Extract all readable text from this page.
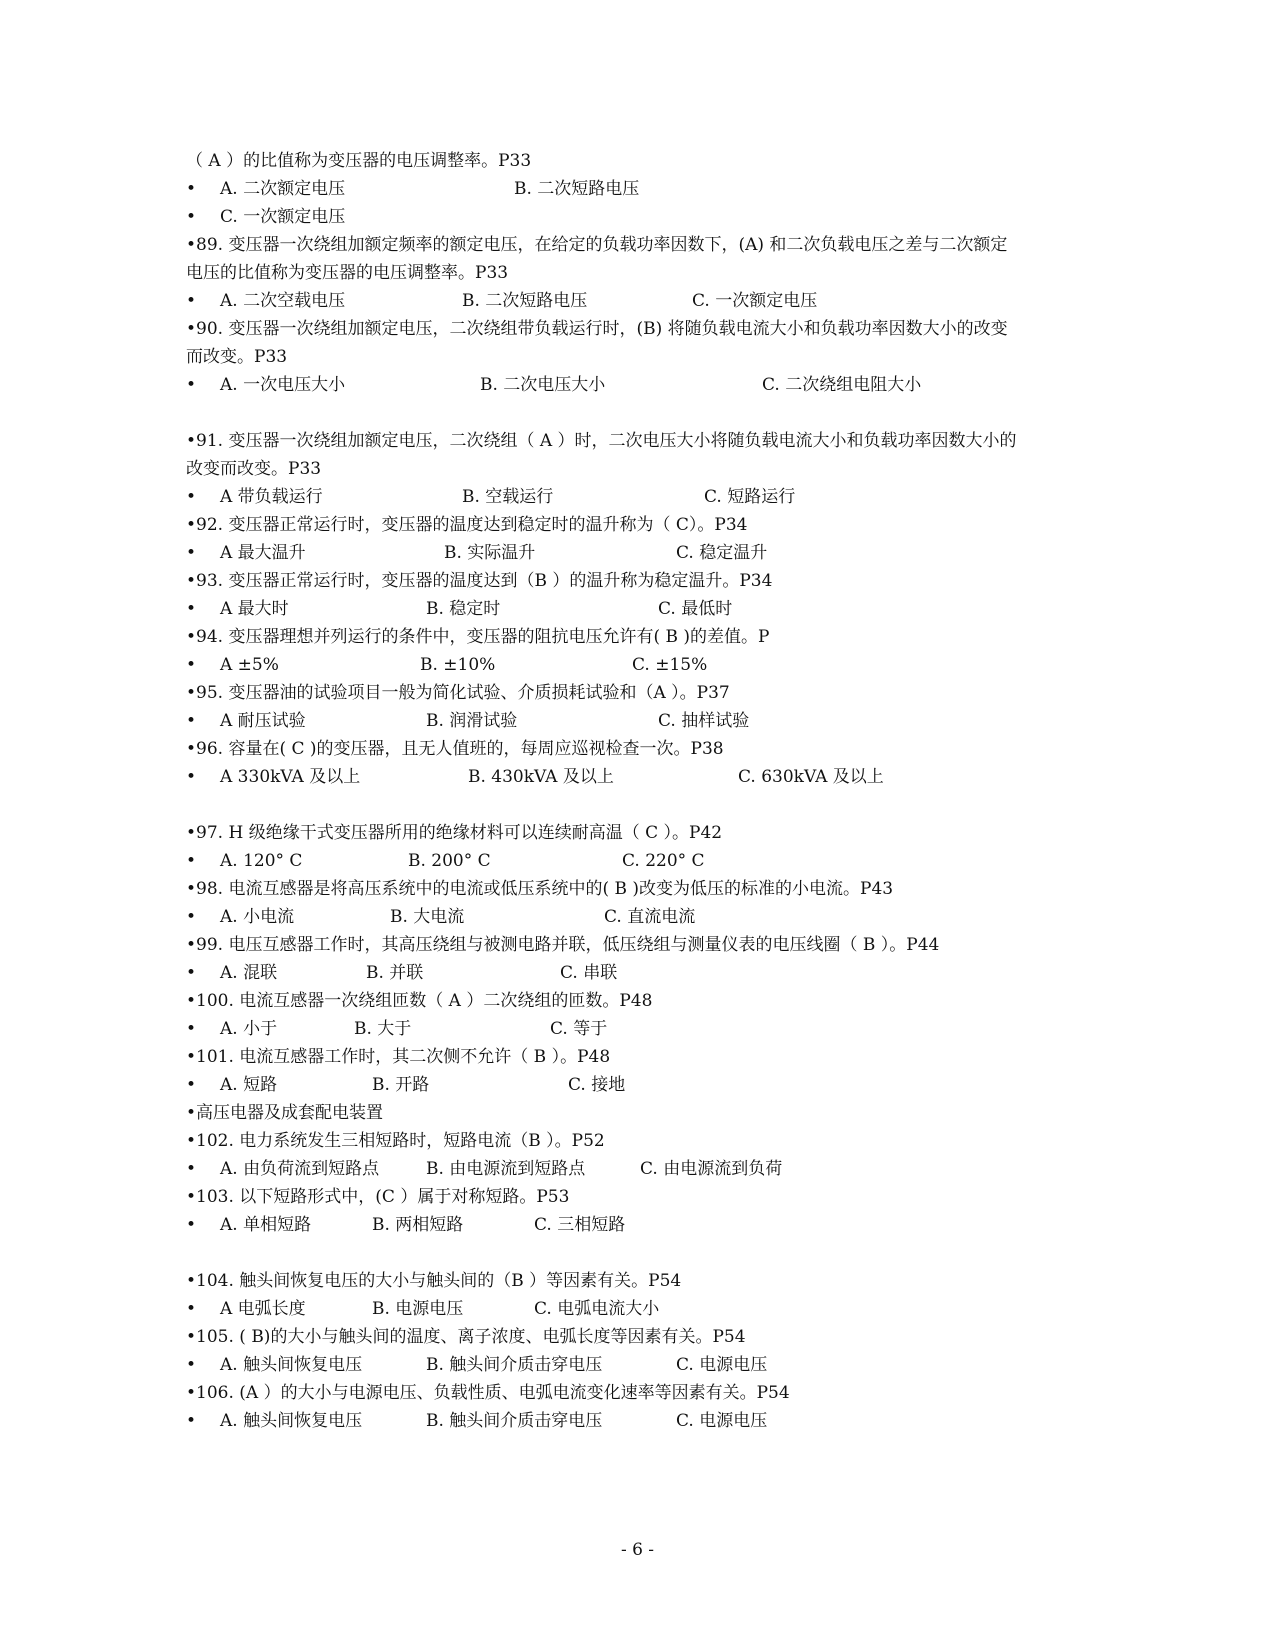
（ A ）的比值称为变压器的电压调整率。P33
• A. 二次额定电压	B. 二次短路电压
• C. 一次额定电压
•89. 变压器一次绕组加额定频率的额定电压，在给定的负载功率因数下，(A) 和二次负载电压之差与二次额定
电压的比值称为变压器的电压调整率。P33
• A. 二次空载电压	B. 二次短路电压	C. 一次额定电压
•90. 变压器一次绕组加额定电压，二次绕组带负载运行时，(B) 将随负载电流大小和负载功率因数大小的改变
而改变。P33
• A. 一次电压大小	B. 二次电压大小	C. 二次绕组电阻大小
•91. 变压器一次绕组加额定电压，二次绕组（ A ）时，二次电压大小将随负载电流大小和负载功率因数大小的
改变而改变。P33
• A 带负载运行	B. 空载运行	C. 短路运行
•92. 变压器正常运行时，变压器的温度达到稳定时的温升称为（ C）。P34
• A 最大温升	B. 实际温升	C. 稳定温升
•93. 变压器正常运行时，变压器的温度达到（B ）的温升称为稳定温升。P34
• A 最大时	B. 稳定时	C. 最低时
•94. 变压器理想并列运行的条件中，变压器的阻抗电压允许有( B )的差值。P
• A ±5%	B. ±10%	C. ±15%
•95. 变压器油的试验项目一般为简化试验、介质损耗试验和（A ）。P37
• A 耐压试验	B. 润滑试验	C. 抽样试验
•96. 容量在( C )的变压器，且无人值班的，每周应巡视检查一次。P38
• A 330kVA 及以上	B. 430kVA 及以上	C. 630kVA 及以上
•97. H 级绝缘干式变压器所用的绝缘材料可以连续耐高温（ C ）。P42
• A. 120° C	B. 200° C	C. 220° C
•98. 电流互感器是将高压系统中的电流或低压系统中的( B )改变为低压的标准的小电流。P43
• A. 小电流	B. 大电流	C. 直流电流
•99. 电压互感器工作时，其高压绕组与被测电路并联，低压绕组与测量仪表的电压线圈（ B ）。P44
• A. 混联	B. 并联	C. 串联
•100. 电流互感器一次绕组匝数（ A ）二次绕组的匝数。P48
• A. 小于	B. 大于	C. 等于
•101. 电流互感器工作时，其二次侧不允许（ B ）。P48
• A. 短路	B. 开路	C. 接地
•高压电器及成套配电装置
•102. 电力系统发生三相短路时，短路电流（B ）。P52
• A. 由负荷流到短路点	B. 由电源流到短路点	C. 由电源流到负荷
•103. 以下短路形式中，(C ）属于对称短路。P53
• A. 单相短路	B. 两相短路	C. 三相短路
•104. 触头间恢复电压的大小与触头间的（B ）等因素有关。P54
• A 电弧长度	B. 电源电压	C. 电弧电流大小
•105. ( B)的大小与触头间的温度、离子浓度、电弧长度等因素有关。P54
• A. 触头间恢复电压	B. 触头间介质击穿电压	C. 电源电压
•106. (A ）的大小与电源电压、负载性质、电弧电流变化速率等因素有关。P54
• A. 触头间恢复电压	B. 触头间介质击穿电压	C. 电源电压
- 6 -
